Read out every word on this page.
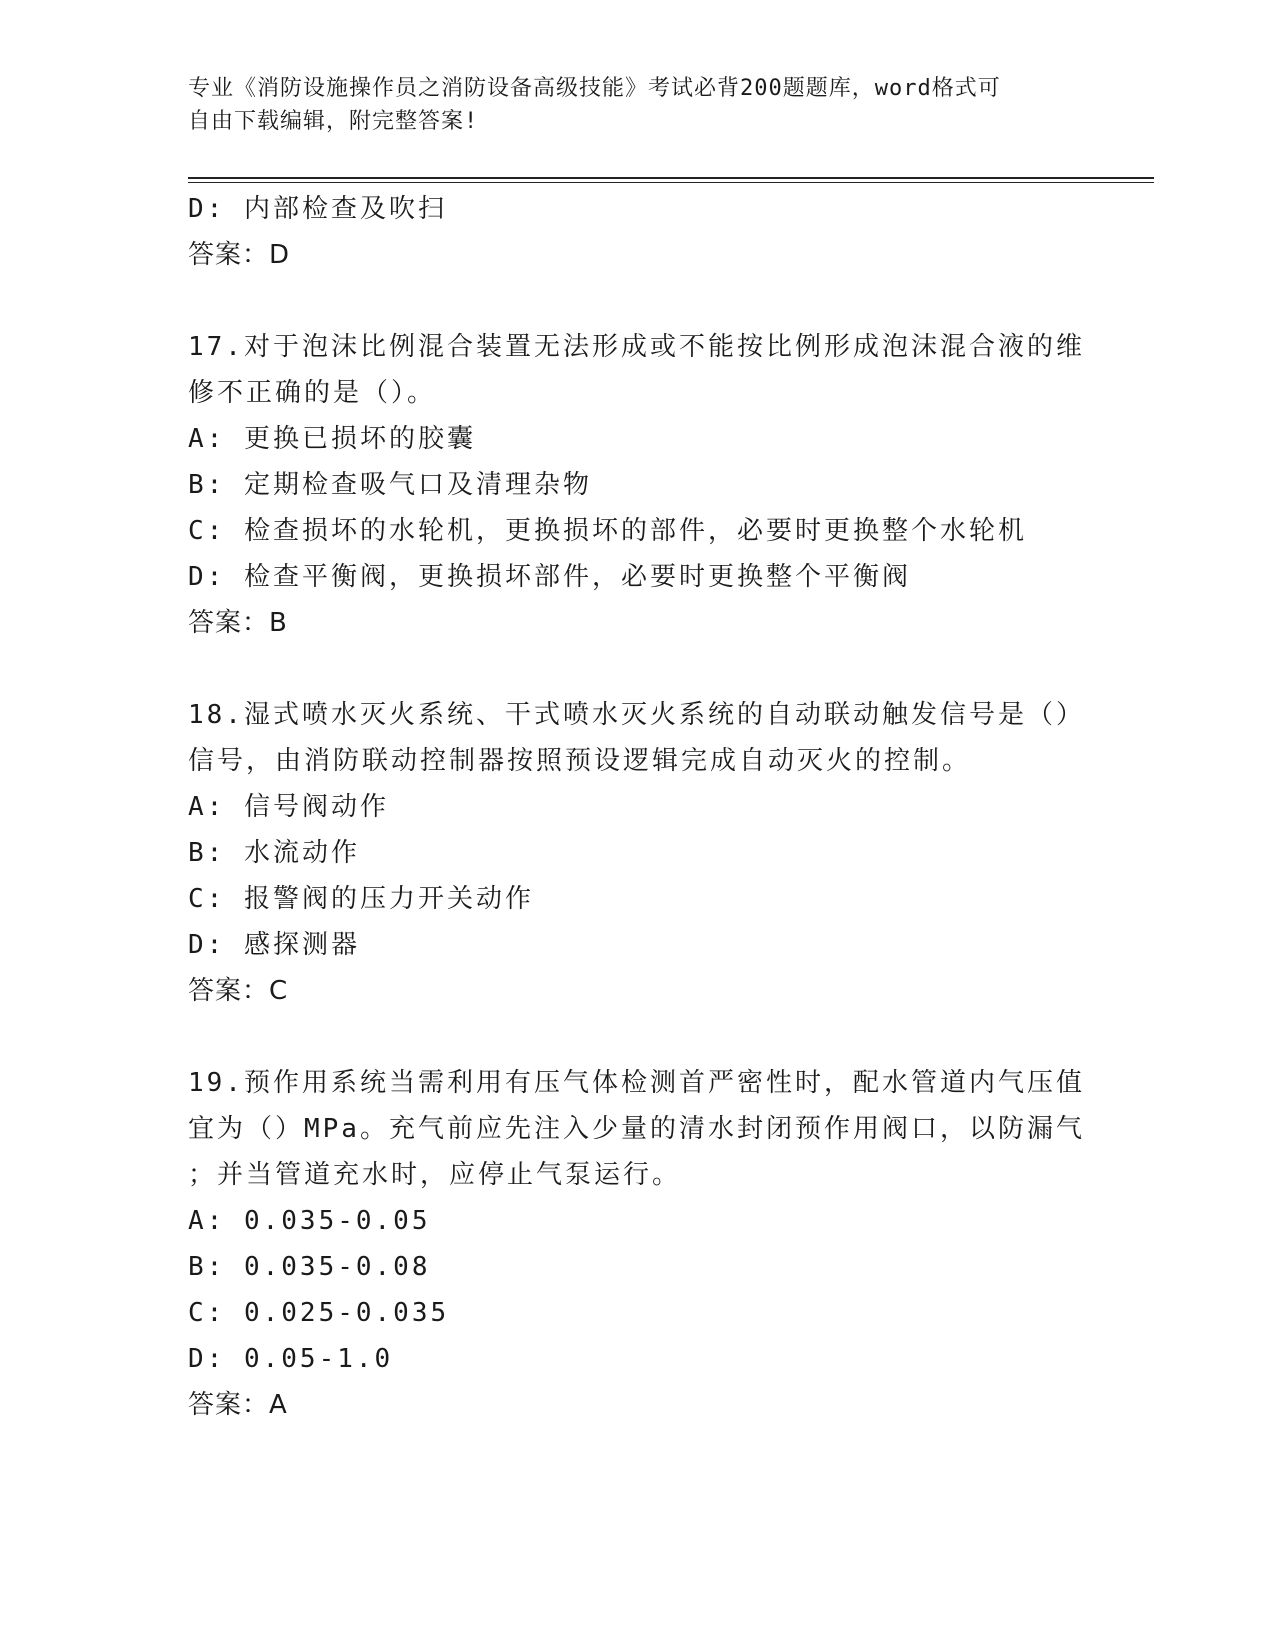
专业《消防设施操作员之消防设备高级技能》考试必背200题题库，word格式可
自由下载编辑，附完整答案!
D: 内部检查及吹扫
答案：D
17.对于泡沫比例混合装置无法形成或不能按比例形成泡沫混合液的维
修不正确的是（）。
A: 更换已损坏的胶囊
B: 定期检查吸气口及清理杂物
C: 检查损坏的水轮机，更换损坏的部件，必要时更换整个水轮机
D: 检查平衡阀，更换损坏部件，必要时更换整个平衡阀
答案：B
18.湿式喷水灭火系统、干式喷水灭火系统的自动联动触发信号是（）
信号，由消防联动控制器按照预设逻辑完成自动灭火的控制。
A: 信号阀动作
B: 水流动作
C: 报警阀的压力开关动作
D: 感探测器
答案：C
19.预作用系统当需利用有压气体检测首严密性时，配水管道内气压值
宜为（）MPa。充气前应先注入少量的清水封闭预作用阀口，以防漏气
；并当管道充水时，应停止气泵运行。
A: 0.035-0.05
B: 0.035-0.08
C: 0.025-0.035
D: 0.05-1.0
答案：A
